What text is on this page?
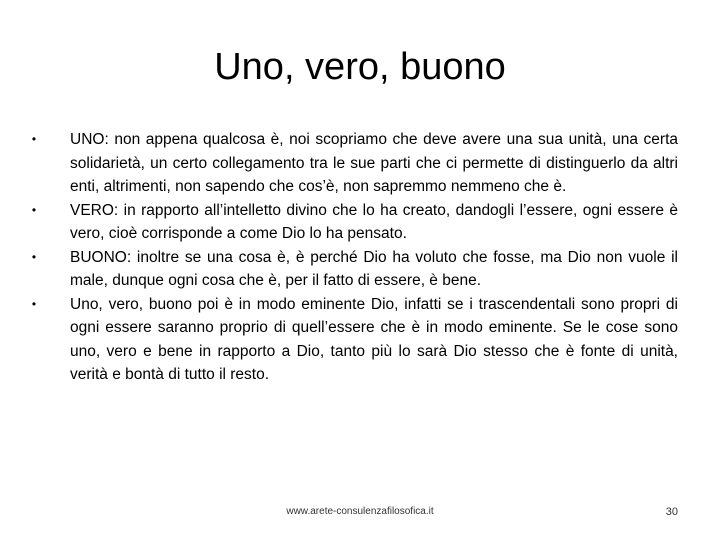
Uno, vero, buono
• UNO: non appena qualcosa è, noi scopriamo che deve avere una sua unità, una certa solidarietà, un certo collegamento tra le sue parti che ci permette di distinguerlo da altri enti, altrimenti, non sapendo che cos’è, non sapremmo nemmeno che è.
• VERO: in rapporto all’intelletto divino che lo ha creato, dandogli l’essere, ogni essere è vero, cioè corrisponde a come Dio lo ha pensato.
• BUONO: inoltre se una cosa è, è perché Dio ha voluto che fosse, ma Dio non vuole il male, dunque ogni cosa che è, per il fatto di essere, è bene.
• Uno, vero, buono poi è in modo eminente Dio, infatti se i trascendentali sono propri di ogni essere saranno proprio di quell’essere che è in modo eminente. Se le cose sono uno, vero e bene in rapporto a Dio, tanto più lo sarà Dio stesso che è fonte di unità, verità e bontà di tutto il resto.
www.arete-consulenzafilosofica.it	30
